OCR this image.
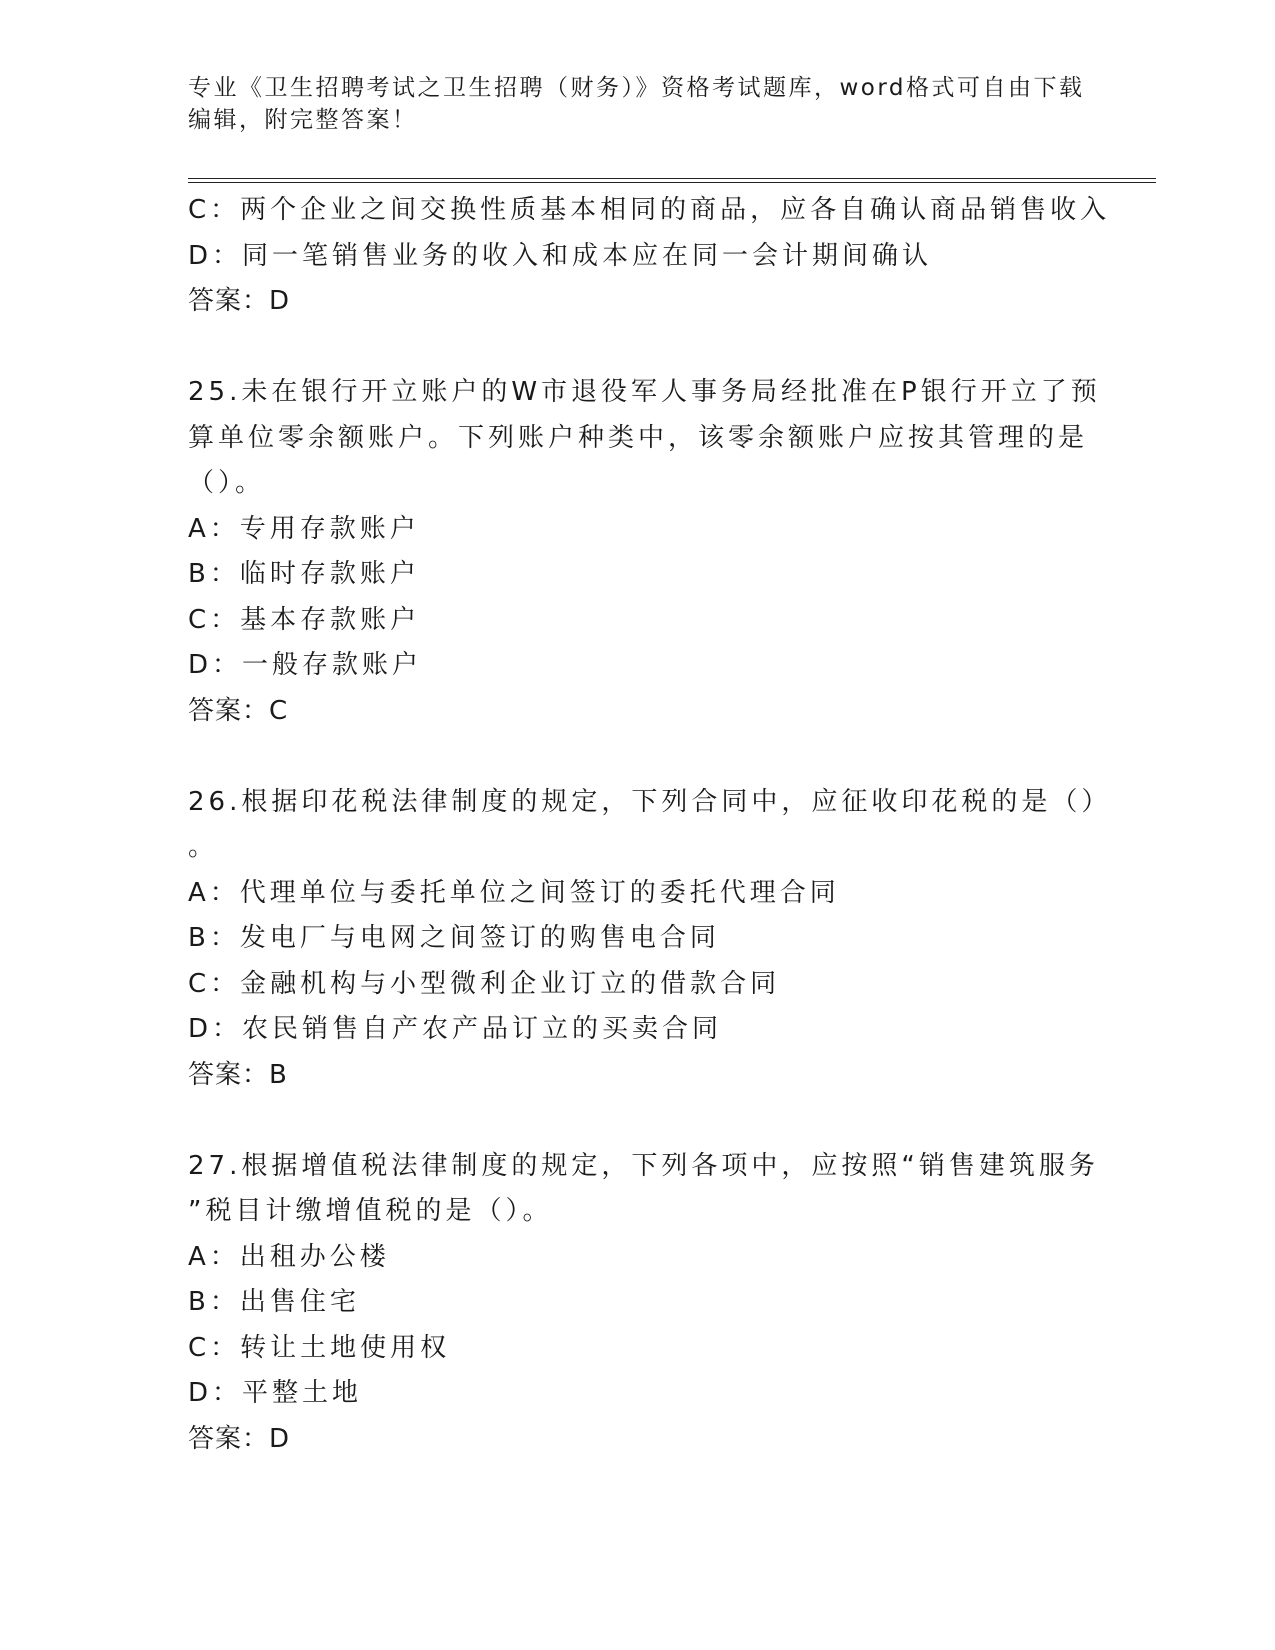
专业《卫生招聘考试之卫生招聘（财务）》资格考试题库，word格式可自由下载
编辑，附完整答案！
C：两个企业之间交换性质基本相同的商品，应各自确认商品销售收入
D：同一笔销售业务的收入和成本应在同一会计期间确认
答案：D
25.未在银行开立账户的W市退役军人事务局经批准在P银行开立了预
算单位零余额账户。下列账户种类中，该零余额账户应按其管理的是
（）。
A：专用存款账户
B：临时存款账户
C：基本存款账户
D：一般存款账户
答案：C
26.根据印花税法律制度的规定，下列合同中，应征收印花税的是（）
。
A：代理单位与委托单位之间签订的委托代理合同
B：发电厂与电网之间签订的购售电合同
C：金融机构与小型微利企业订立的借款合同
D：农民销售自产农产品订立的买卖合同
答案：B
27.根据增值税法律制度的规定，下列各项中，应按照“销售建筑服务
”税目计缴增值税的是（）。
A：出租办公楼
B：出售住宅
C：转让土地使用权
D：平整土地
答案：D
